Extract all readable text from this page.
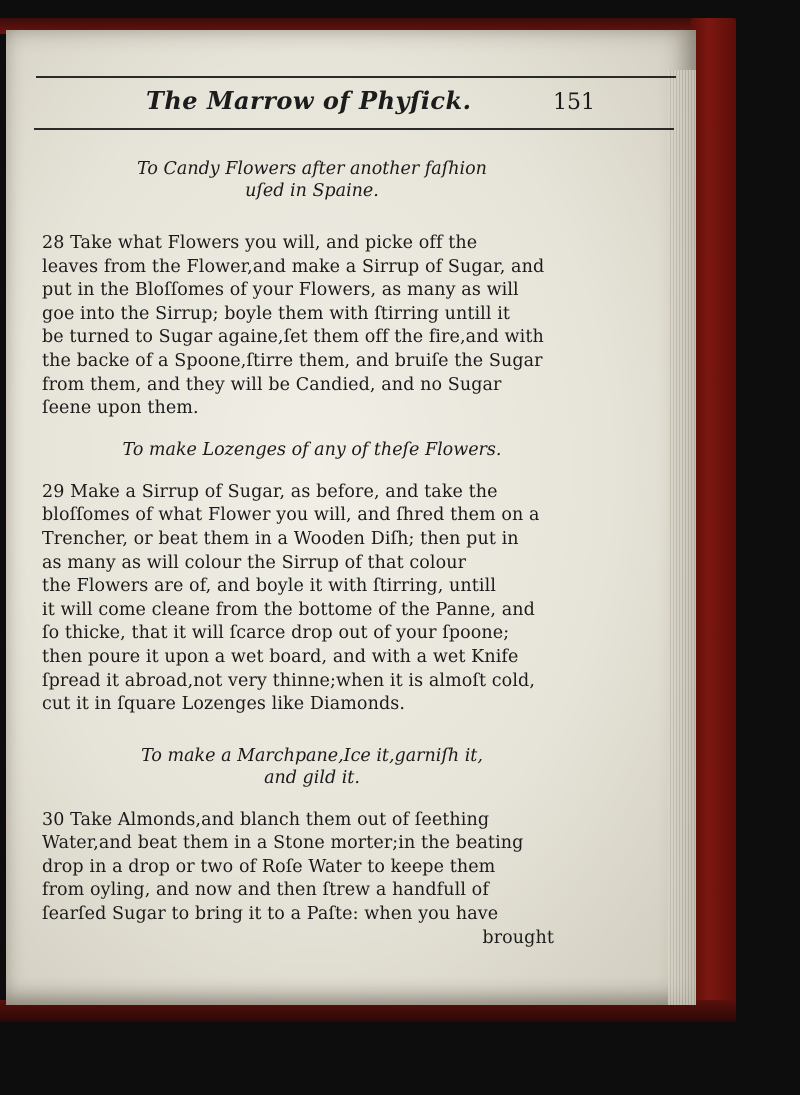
The Marrow of Phyſick.	151
To Candy Flowers after another faſhion
uſed in Spaine.
28 Take what Flowers you will, and picke off the
leaves from the Flower,and make a Sirrup of Sugar, and
put in the Bloſſomes of your Flowers, as many as will
goe into the Sirrup; boyle them with ſtirring untill it
be turned to Sugar againe,ſet them off the fire,and with
the backe of a Spoone,ſtirre them, and bruiſe the Sugar
from them, and they will be Candied, and no Sugar
ſeene upon them.
To make Lozenges of any of theſe Flowers.
29 Make a Sirrup of Sugar, as before, and take the
bloſſomes of what Flower you will, and ſhred them on a
Trencher, or beat them in a Wooden Diſh; then put in
as many as will colour the Sirrup of that colour
the Flowers are of, and boyle it with ſtirring, untill
it will come cleane from the bottome of the Panne, and
ſo thicke, that it will ſcarce drop out of your ſpoone;
then poure it upon a wet board, and with a wet Knife
ſpread it abroad,not very thinne;when it is almoſt cold,
cut it in ſquare Lozenges like Diamonds.
To make a Marchpane,Ice it,garniſh it,
and gild it.
30 Take Almonds,and blanch them out of ſeething
Water,and beat them in a Stone morter;in the beating
drop in a drop or two of Roſe Water to keepe them
from oyling, and now and then ſtrew a handfull of
ſearſed Sugar to bring it to a Paſte: when you have
brought
